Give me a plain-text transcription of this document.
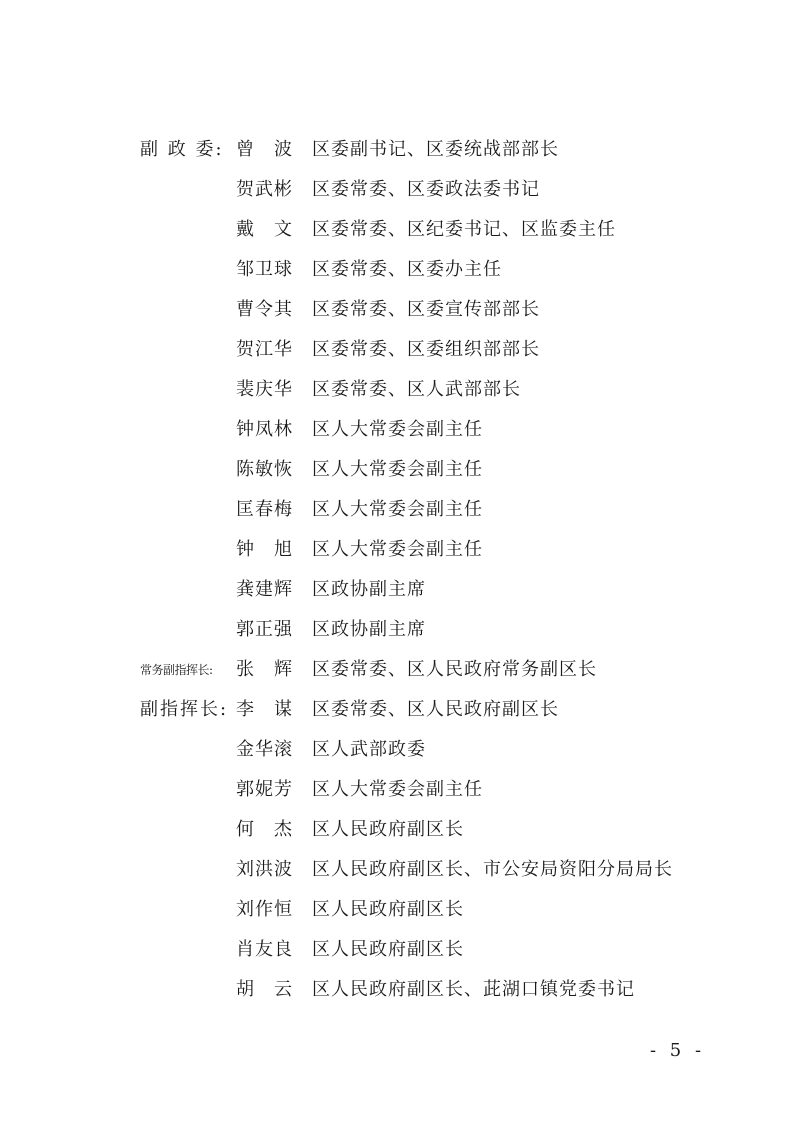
副 政 委: 曾　波	区委副书记、区委统战部部长
贺武彬	区委常委、区委政法委书记
戴　文	区委常委、区纪委书记、区监委主任
邹卫球	区委常委、区委办主任
曹令其	区委常委、区委宣传部部长
贺江华	区委常委、区委组织部部长
裴庆华	区委常委、区人武部部长
钟凤林	区人大常委会副主任
陈敏恢	区人大常委会副主任
匡春梅	区人大常委会副主任
钟　旭	区人大常委会副主任
龚建辉	区政协副主席
郭正强	区政协副主席
常务副指挥长:	张　辉	区委常委、区人民政府常务副区长
副指挥长: 李　谋	区委常委、区人民政府副区长
金华滚	区人武部政委
郭妮芳	区人大常委会副主任
何　杰	区人民政府副区长
刘洪波	区人民政府副区长、市公安局资阳分局局长
刘作恒	区人民政府副区长
肖友良	区人民政府副区长
胡　云	区人民政府副区长、茈湖口镇党委书记
- 5 -
